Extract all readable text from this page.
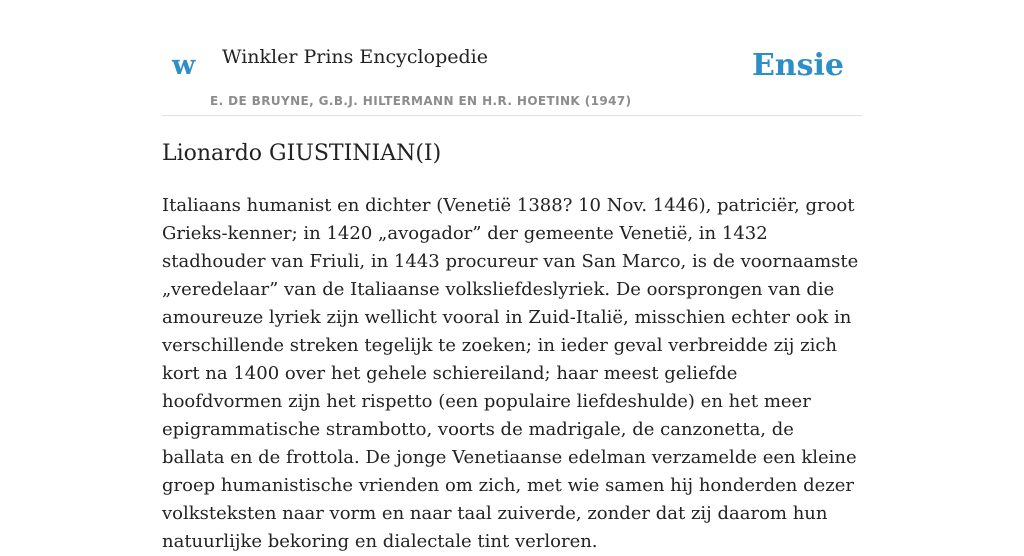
w Winkler Prins Encyclopedie
E. DE BRUYNE, G.B.J. HILTERMANN EN H.R. HOETINK (1947)
Ensie
Lionardo GIUSTINIAN(I)

Italiaans humanist en dichter (Venetië 1388? 10 Nov. 1446), patriciër, groot Grieks-kenner; in 1420 „avogador” der gemeente Venetië, in 1432 stadhouder van Friuli, in 1443 procureur van San Marco, is de voornaamste „veredelaar” van de Italiaanse volksliefdeslyriek. De oorsprongen van die amoureuze lyriek zijn wellicht vooral in Zuid-Italië, misschien echter ook in verschillende streken tegelijk te zoeken; in ieder geval verbreidde zij zich kort na 1400 over het gehele schiereiland; haar meest geliefde hoofdvormen zijn het rispetto (een populaire liefdeshulde) en het meer epigrammatische strambotto, voorts de madrigale, de canzonetta, de ballata en de frottola. De jonge Venetiaanse edelman verzamelde een kleine groep humanistische vrienden om zich, met wie samen hij honderden dezer volksteksten naar vorm en naar taal zuiverde, zonder dat zij daarom hun natuurlijke bekoring en dialectale tint verloren.
